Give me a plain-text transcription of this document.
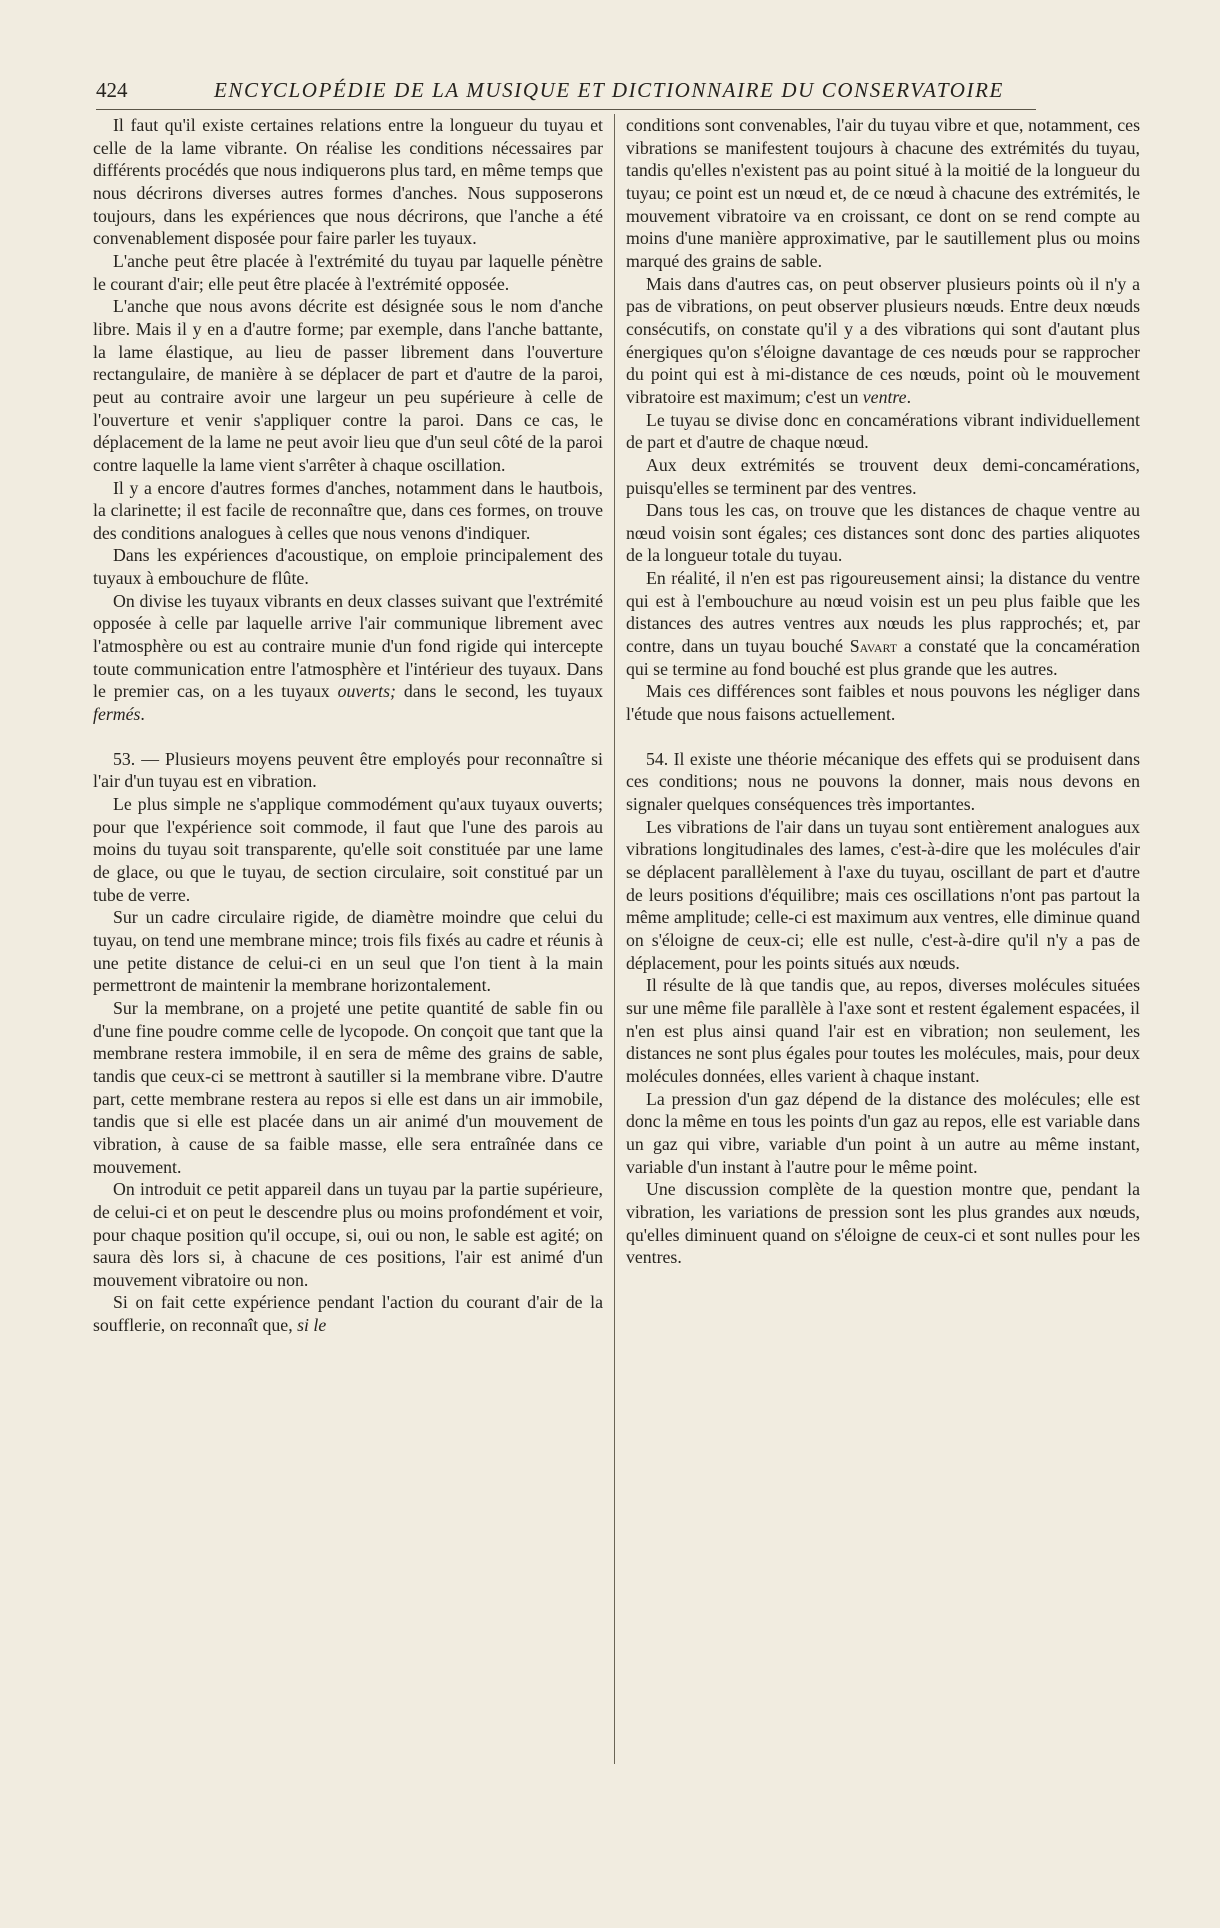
424	ENCYCLOPÉDIE DE LA MUSIQUE ET DICTIONNAIRE DU CONSERVATOIRE

Il faut qu'il existe certaines relations entre la longueur du tuyau et celle de la lame vibrante. On réalise les conditions nécessaires par différents procédés que nous indiquerons plus tard, en même temps que nous décrirons diverses autres formes d'anches. Nous supposerons toujours, dans les expériences que nous décrirons, que l'anche a été convenablement disposée pour faire parler les tuyaux.

L'anche peut être placée à l'extrémité du tuyau par laquelle pénètre le courant d'air; elle peut être placée à l'extrémité opposée.

L'anche que nous avons décrite est désignée sous le nom d'anche libre. Mais il y en a d'autre forme; par exemple, dans l'anche battante, la lame élastique, au lieu de passer librement dans l'ouverture rectangulaire, de manière à se déplacer de part et d'autre de la paroi, peut au contraire avoir une largeur un peu supérieure à celle de l'ouverture et venir s'appliquer contre la paroi. Dans ce cas, le déplacement de la lame ne peut avoir lieu que d'un seul côté de la paroi contre laquelle la lame vient s'arrêter à chaque oscillation.

Il y a encore d'autres formes d'anches, notamment dans le hautbois, la clarinette; il est facile de reconnaître que, dans ces formes, on trouve des conditions analogues à celles que nous venons d'indiquer.

Dans les expériences d'acoustique, on emploie principalement des tuyaux à embouchure de flûte.

On divise les tuyaux vibrants en deux classes suivant que l'extrémité opposée à celle par laquelle arrive l'air communique librement avec l'atmosphère ou est au contraire munie d'un fond rigide qui intercepte toute communication entre l'atmosphère et l'intérieur des tuyaux. Dans le premier cas, on a les tuyaux ouverts; dans le second, les tuyaux fermés.

53. — Plusieurs moyens peuvent être employés pour reconnaître si l'air d'un tuyau est en vibration.

Le plus simple ne s'applique commodément qu'aux tuyaux ouverts; pour que l'expérience soit commode, il faut que l'une des parois au moins du tuyau soit transparente, qu'elle soit constituée par une lame de glace, ou que le tuyau, de section circulaire, soit constitué par un tube de verre.

Sur un cadre circulaire rigide, de diamètre moindre que celui du tuyau, on tend une membrane mince; trois fils fixés au cadre et réunis à une petite distance de celui-ci en un seul que l'on tient à la main permettront de maintenir la membrane horizontalement.

Sur la membrane, on a projeté une petite quantité de sable fin ou d'une fine poudre comme celle de lycopode. On conçoit que tant que la membrane restera immobile, il en sera de même des grains de sable, tandis que ceux-ci se mettront à sautiller si la membrane vibre. D'autre part, cette membrane restera au repos si elle est dans un air immobile, tandis que si elle est placée dans un air animé d'un mouvement de vibration, à cause de sa faible masse, elle sera entraînée dans ce mouvement.

On introduit ce petit appareil dans un tuyau par la partie supérieure, de celui-ci et on peut le descendre plus ou moins profondément et voir, pour chaque position qu'il occupe, si, oui ou non, le sable est agité; on saura dès lors si, à chacune de ces positions, l'air est animé d'un mouvement vibratoire ou non.

Si on fait cette expérience pendant l'action du courant d'air de la soufflerie, on reconnaît que, si le

conditions sont convenables, l'air du tuyau vibre et que, notamment, ces vibrations se manifestent toujours à chacune des extrémités du tuyau, tandis qu'elles n'existent pas au point situé à la moitié de la longueur du tuyau; ce point est un nœud et, de ce nœud à chacune des extrémités, le mouvement vibratoire va en croissant, ce dont on se rend compte au moins d'une manière approximative, par le sautillement plus ou moins marqué des grains de sable.

Mais dans d'autres cas, on peut observer plusieurs points où il n'y a pas de vibrations, on peut observer plusieurs nœuds. Entre deux nœuds consécutifs, on constate qu'il y a des vibrations qui sont d'autant plus énergiques qu'on s'éloigne davantage de ces nœuds pour se rapprocher du point qui est à mi-distance de ces nœuds, point où le mouvement vibratoire est maximum; c'est un ventre.

Le tuyau se divise donc en concamérations vibrant individuellement de part et d'autre de chaque nœud.

Aux deux extrémités se trouvent deux demi-concamérations, puisqu'elles se terminent par des ventres.

Dans tous les cas, on trouve que les distances de chaque ventre au nœud voisin sont égales; ces distances sont donc des parties aliquotes de la longueur totale du tuyau.

En réalité, il n'en est pas rigoureusement ainsi; la distance du ventre qui est à l'embouchure au nœud voisin est un peu plus faible que les distances des autres ventres aux nœuds les plus rapprochés; et, par contre, dans un tuyau bouché Savart a constaté que la concamération qui se termine au fond bouché est plus grande que les autres.

Mais ces différences sont faibles et nous pouvons les négliger dans l'étude que nous faisons actuellement.

54. Il existe une théorie mécanique des effets qui se produisent dans ces conditions; nous ne pouvons la donner, mais nous devons en signaler quelques conséquences très importantes.

Les vibrations de l'air dans un tuyau sont entièrement analogues aux vibrations longitudinales des lames, c'est-à-dire que les molécules d'air se déplacent parallèlement à l'axe du tuyau, oscillant de part et d'autre de leurs positions d'équilibre; mais ces oscillations n'ont pas partout la même amplitude; celle-ci est maximum aux ventres, elle diminue quand on s'éloigne de ceux-ci; elle est nulle, c'est-à-dire qu'il n'y a pas de déplacement, pour les points situés aux nœuds.

Il résulte de là que tandis que, au repos, diverses molécules situées sur une même file parallèle à l'axe sont et restent également espacées, il n'en est plus ainsi quand l'air est en vibration; non seulement, les distances ne sont plus égales pour toutes les molécules, mais, pour deux molécules données, elles varient à chaque instant.

La pression d'un gaz dépend de la distance des molécules; elle est donc la même en tous les points d'un gaz au repos, elle est variable dans un gaz qui vibre, variable d'un point à un autre au même instant, variable d'un instant à l'autre pour le même point.

Une discussion complète de la question montre que, pendant la vibration, les variations de pression sont les plus grandes aux nœuds, qu'elles diminuent quand on s'éloigne de ceux-ci et sont nulles pour les ventres.
